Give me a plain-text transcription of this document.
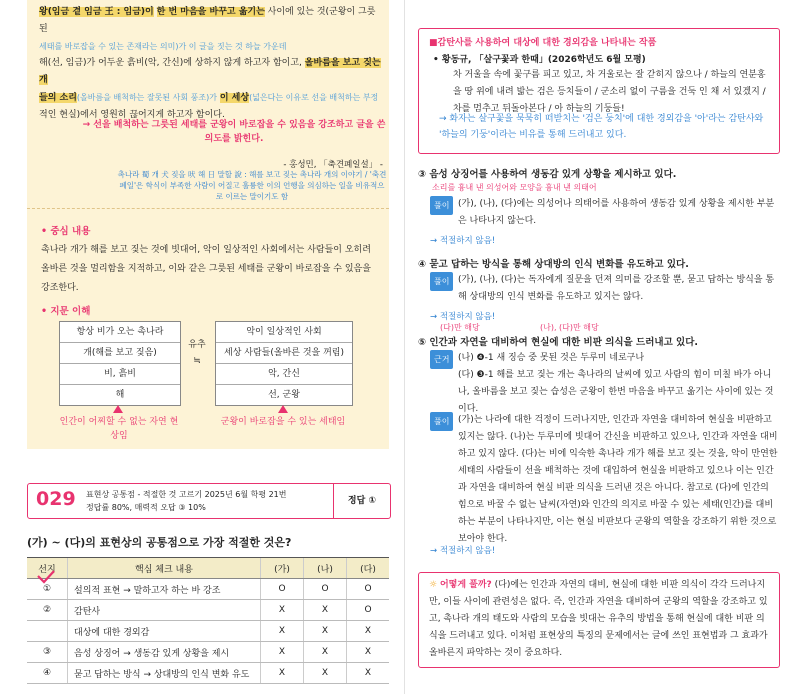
왕(임금 곁 임금 王 : 임금)이 한 번 마음을 바꾸고 옮기는 사이에 있는 것(군왕이 그릇된
세태를 바로잡을 수 있는 존재라는 의미)가 이 글을 짓는 것 하늘 가운데
해(선, 임금)가 어두운 흙비(악, 간신)에 상하지 않게 하고자 함이고, 올바름을 보고 짖는 개
들의 소리(올바름을 배척하는 잘못된 사회 풍조)가 이 세상(넓은다는 이유로 선을 배척하는 부정
적인 현실)에서 영원히 끊어지게 하고자 함이다.
→ 선을 배척하는 그릇된 세태를 군왕이 바로잡을 수 있음을 강조하고 글을 쓴 의도를 밝힌다.
- 홍성민, 「축견폐일설」 -
촉나라 蜀 개 犬 짖을 吠 해 日 말할 說 : 해를 보고 짖는 촉나라 개의 이야기 / '축견폐일'은 학식이 부족한 사람이 어질고 훌륭한 이의 언행을 의심하는 일을 비유적으로 이르는 말이기도 함
• 중심 내용
촉나라 개가 해를 보고 짖는 것에 빗대어, 악이 일상적인 사회에서는 사람들이 오히려 올바른 것을 멀리함을 지적하고, 이와 같은 그릇된 세태를 군왕이 바로잡을 수 있음을 강조한다.
• 지문 이해
항상 비가 오는 촉나라
개(해를 보고 짖음)
비, 흙비
해
유추
≒
악이 일상적인 사회
세상 사람들(올바른 것을 꺼림)
악, 간신
선, 군왕
인간이 어찌할 수 없는 자연 현상임
군왕이 바로잡을 수 있는 세태임
029 표현상 공통점 - 적절한 것 고르기 2025년 6월 학평 21번
정답률 80%, 매력적 오답 ③ 10%
정답 ①
(가) ~ (다)의 표현상의 공통점으로 가장 적절한 것은?
선지	핵심 체크 내용	(가)	(나)	(다)
①	설의적 표현 → 말하고자 하는 바 강조	O	O	O
②	감탄사	X	X	O
	대상에 대한 경외감	X	X	X
③	음성 상징어 → 생동감 있게 상황을 제시	X	X	X
④	묻고 답하는 방식 → 상대방의 인식 변화 유도	X	X	X
■감탄사를 사용하여 대상에 대한 경외감을 나타내는 작품
• 황동규, 「살구꽃과 한때」(2026학년도 6월 모평)
차 거울을 속에 꽃구름 피고 있고, 차 거울로는 잘 갇히지 않으나 / 하늘의 연분홍을 땅 위에 내려 밟는 검은 등치들이 / 군소리 없이 구름을 건둑 인 채 서 있겠지 / 차를 멈추고 뒤돌아본다 / 아 하늘의 기둥들!
→ 화자는 살구꽃을 묵묵히 떠받치는 '검은 둥치'에 대한 경외감을 '아'라는 감탄사와 '하늘의 기둥'이라는 비유를 통해 드러내고 있다.
③ 음성 상징어를 사용하여 생동감 있게 상황을 제시하고 있다.
소리를 흉내 낸 의성어와 모양을 흉내 낸 의태어
풀이 (가), (나), (다)에는 의성어나 의태어를 사용하여 생동감 있게 상황을 제시한 부분은 나타나지 않는다.
→ 적절하지 않음!
④ 묻고 답하는 방식을 통해 상대방의 인식 변화를 유도하고 있다.
풀이 (가), (나), (다)는 독자에게 질문을 던져 의미를 강조할 뿐, 묻고 답하는 방식을 통해 상대방의 인식 변화를 유도하고 있지는 않다.
→ 적절하지 않음!
(다)만 해당	(나), (다)만 해당
⑤ 인간과 자연을 대비하여 현실에 대한 비판 의식을 드러내고 있다.
근거 (나) ❹-1 새 징승 중 못된 것은 두루미 네로구나
(다) ❸-1 해를 보고 짖는 개는 촉나라의 날씨에 있고 사람의 힘이 미칠 바가 아니나, 올바름을 보고 짖는 습성은 군왕이 한번 마음을 바꾸고 옮기는 사이에 있는 것이다.
풀이 (가)는 나라에 대한 걱정이 드러나지만, 인간과 자연을 대비하여 현실을 비판하고 있지는 않다. (나)는 두루미에 빗대어 간신을 비판하고 있으나, 인간과 자연을 대비하고 있지 않다. (다)는 비에 익숙한 촉나라 개가 해를 보고 짖는 것을, 악이 만연한 세태의 사람들이 선을 배척하는 것에 대입하여 현실을 비판하고 있으나 이는 인간과 자연을 대비하여 현실 비판 의식을 드러낸 것은 아니다. 참고로 (다)에 인간의 힘으로 바꿀 수 없는 날씨(자연)와 인간의 의지로 바꿀 수 있는 세태(인간)를 대비하는 부분이 나타나지만, 이는 현실 비판보다 군왕의 역할을 강조하기 위한 것으로 보아야 한다.
→ 적절하지 않음!
☼ 어떻게 풀까? (다)에는 인간과 자연의 대비, 현실에 대한 비판 의식이 각각 드러나지만, 이들 사이에 관련성은 없다. 즉, 인간과 자연을 대비하여 군왕의 역할을 강조하고 있고, 촉나라 개의 태도와 사람의 모습을 빗대는 유추의 방법을 통해 현실에 대한 비판 의식을 드러내고 있다. 이처럼 표현상의 특징의 문제에서는 글에 쓰인 표현법과 그 효과가 올바른지 파악하는 것이 중요하다.
